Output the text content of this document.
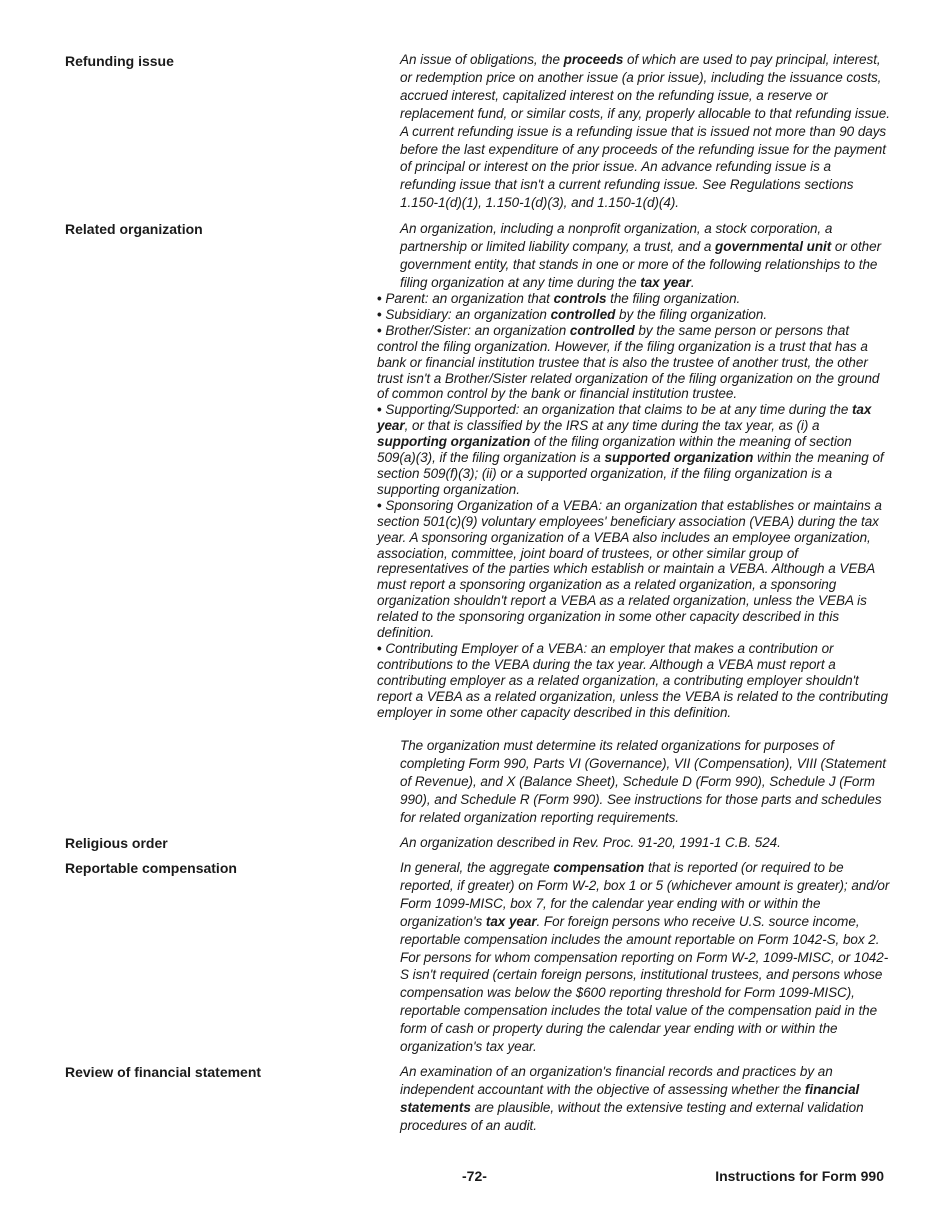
Refunding issue	An issue of obligations, the proceeds of which are used to pay principal, interest, or redemption price on another issue (a prior issue), including the issuance costs, accrued interest, capitalized interest on the refunding issue, a reserve or replacement fund, or similar costs, if any, properly allocable to that refunding issue. A current refunding issue is a refunding issue that is issued not more than 90 days before the last expenditure of any proceeds of the refunding issue for the payment of principal or interest on the prior issue. An advance refunding issue is a refunding issue that isn't a current refunding issue. See Regulations sections 1.150-1(d)(1), 1.150-1(d)(3), and 1.150-1(d)(4).

Related organization	An organization, including a nonprofit organization, a stock corporation, a partnership or limited liability company, a trust, and a governmental unit or other government entity, that stands in one or more of the following relationships to the filing organization at any time during the tax year.

• Parent: an organization that controls the filing organization.

• Subsidiary: an organization controlled by the filing organization.

• Brother/Sister: an organization controlled by the same person or persons that control the filing organization. However, if the filing organization is a trust that has a bank or financial institution trustee that is also the trustee of another trust, the other trust isn't a Brother/Sister related organization of the filing organization on the ground of common control by the bank or financial institution trustee.

• Supporting/Supported: an organization that claims to be at any time during the tax year, or that is classified by the IRS at any time during the tax year, as (i) a supporting organization of the filing organization within the meaning of section 509(a)(3), if the filing organization is a supported organization within the meaning of section 509(f)(3); (ii) or a supported organization, if the filing organization is a supporting organization.

• Sponsoring Organization of a VEBA: an organization that establishes or maintains a section 501(c)(9) voluntary employees' beneficiary association (VEBA) during the tax year. A sponsoring organization of a VEBA also includes an employee organization, association, committee, joint board of trustees, or other similar group of representatives of the parties which establish or maintain a VEBA. Although a VEBA must report a sponsoring organization as a related organization, a sponsoring organization shouldn't report a VEBA as a related organization, unless the VEBA is related to the sponsoring organization in some other capacity described in this definition.

• Contributing Employer of a VEBA: an employer that makes a contribution or contributions to the VEBA during the tax year. Although a VEBA must report a contributing employer as a related organization, a contributing employer shouldn't report a VEBA as a related organization, unless the VEBA is related to the contributing employer in some other capacity described in this definition.

The organization must determine its related organizations for purposes of completing Form 990, Parts VI (Governance), VII (Compensation), VIII (Statement of Revenue), and X (Balance Sheet), Schedule D (Form 990), Schedule J (Form 990), and Schedule R (Form 990). See instructions for those parts and schedules for related organization reporting requirements.

Religious order	An organization described in Rev. Proc. 91-20, 1991-1 C.B. 524.

Reportable compensation	In general, the aggregate compensation that is reported (or required to be reported, if greater) on Form W-2, box 1 or 5 (whichever amount is greater); and/or Form 1099-MISC, box 7, for the calendar year ending with or within the organization's tax year. For foreign persons who receive U.S. source income, reportable compensation includes the amount reportable on Form 1042-S, box 2. For persons for whom compensation reporting on Form W-2, 1099-MISC, or 1042-S isn't required (certain foreign persons, institutional trustees, and persons whose compensation was below the $600 reporting threshold for Form 1099-MISC), reportable compensation includes the total value of the compensation paid in the form of cash or property during the calendar year ending with or within the organization's tax year.

Review of financial statement	An examination of an organization's financial records and practices by an independent accountant with the objective of assessing whether the financial statements are plausible, without the extensive testing and external validation procedures of an audit.

-72-	Instructions for Form 990
